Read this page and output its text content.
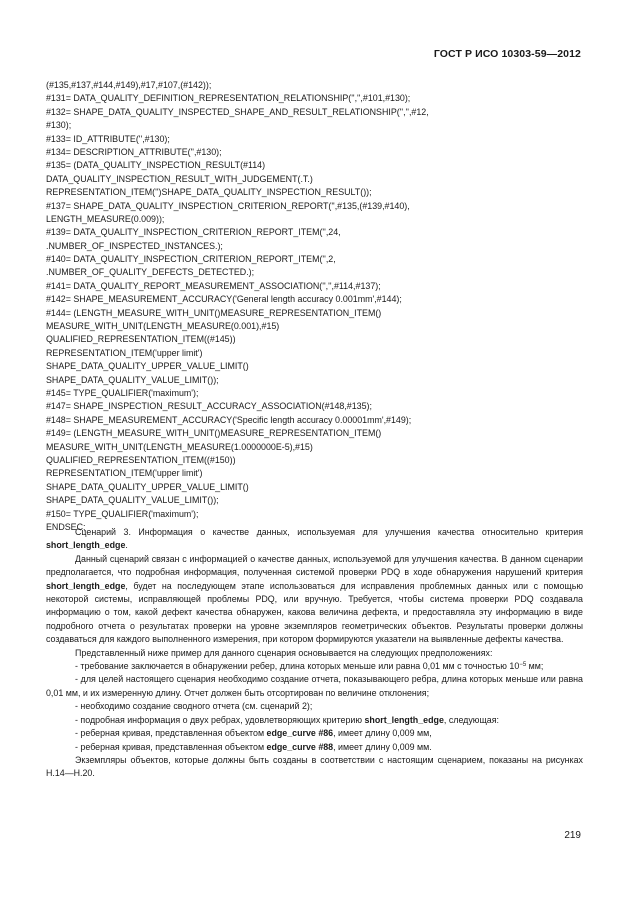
ГОСТ Р ИСО 10303-59—2012
(#135,#137,#144,#149),#17,#107,(#142));
#131= DATA_QUALITY_DEFINITION_REPRESENTATION_RELATIONSHIP('','',#101,#130);
#132= SHAPE_DATA_QUALITY_INSPECTED_SHAPE_AND_RESULT_RELATIONSHIP('','',#12,
#130);
#133= ID_ATTRIBUTE('',#130);
#134= DESCRIPTION_ATTRIBUTE('',#130);
#135= (DATA_QUALITY_INSPECTION_RESULT(#114)
DATA_QUALITY_INSPECTION_RESULT_WITH_JUDGEMENT(.T.)
REPRESENTATION_ITEM('')SHAPE_DATA_QUALITY_INSPECTION_RESULT());
#137= SHAPE_DATA_QUALITY_INSPECTION_CRITERION_REPORT('',#135,(#139,#140),
LENGTH_MEASURE(0.009));
#139= DATA_QUALITY_INSPECTION_CRITERION_REPORT_ITEM('',24,
.NUMBER_OF_INSPECTED_INSTANCES.);
#140= DATA_QUALITY_INSPECTION_CRITERION_REPORT_ITEM('',2,
.NUMBER_OF_QUALITY_DEFECTS_DETECTED.);
#141= DATA_QUALITY_REPORT_MEASUREMENT_ASSOCIATION('','',#114,#137);
#142= SHAPE_MEASUREMENT_ACCURACY('General length accuracy 0.001mm',#144);
#144= (LENGTH_MEASURE_WITH_UNIT()MEASURE_REPRESENTATION_ITEM()
MEASURE_WITH_UNIT(LENGTH_MEASURE(0.001),#15)
QUALIFIED_REPRESENTATION_ITEM((#145))
REPRESENTATION_ITEM('upper limit')
SHAPE_DATA_QUALITY_UPPER_VALUE_LIMIT()
SHAPE_DATA_QUALITY_VALUE_LIMIT());
#145= TYPE_QUALIFIER('maximum');
#147= SHAPE_INSPECTION_RESULT_ACCURACY_ASSOCIATION(#148,#135);
#148= SHAPE_MEASUREMENT_ACCURACY('Specific length accuracy 0.00001mm',#149);
#149= (LENGTH_MEASURE_WITH_UNIT()MEASURE_REPRESENTATION_ITEM()
MEASURE_WITH_UNIT(LENGTH_MEASURE(1.0000000E-5),#15)
QUALIFIED_REPRESENTATION_ITEM((#150))
REPRESENTATION_ITEM('upper limit')
SHAPE_DATA_QUALITY_UPPER_VALUE_LIMIT()
SHAPE_DATA_QUALITY_VALUE_LIMIT());
#150= TYPE_QUALIFIER('maximum');
ENDSEC;

Сценарий 3. Информация о качестве данных, используемая для улучшения качества относительно критерия short_length_edge.

Данный сценарий связан с информацией о качестве данных, используемой для улучшения качества. В данном сценарии предполагается, что подробная информация, полученная системой проверки PDQ в ходе обнаружения нарушений критерия short_length_edge, будет на последующем этапе использоваться для исправления проблемных данных или с помощью некоторой системы, исправляющей проблемы PDQ, или вручную. Требуется, чтобы система проверки PDQ создавала информацию о том, какой дефект качества обнаружен, какова величина дефекта, и предоставляла эту информацию в виде подробного отчета о результатах проверки на уровне экземпляров геометрических объектов. Результаты проверки должны создаваться для каждого выполненного измерения, при котором формируются указатели на выявленные дефекты качества.

Представленный ниже пример для данного сценария основывается на следующих предположениях:

- требование заключается в обнаружении ребер, длина которых меньше или равна 0,01 мм с точностью $10^{-5}$ мм;

- для целей настоящего сценария необходимо создание отчета, показывающего ребра, длина которых меньше или равна 0,01 мм, и их измеренную длину. Отчет должен быть отсортирован по величине отклонения;

- необходимо создание сводного отчета (см. сценарий 2);

- подробная информация о двух ребрах, удовлетворяющих критерию short_length_edge, следующая:

- реберная кривая, представленная объектом edge_curve #86, имеет длину 0,009 мм,

- реберная кривая, представленная объектом edge_curve #88, имеет длину 0,009 мм.

Экземпляры объектов, которые должны быть созданы в соответствии с настоящим сценарием, показаны на рисунках Н.14—Н.20.

219
